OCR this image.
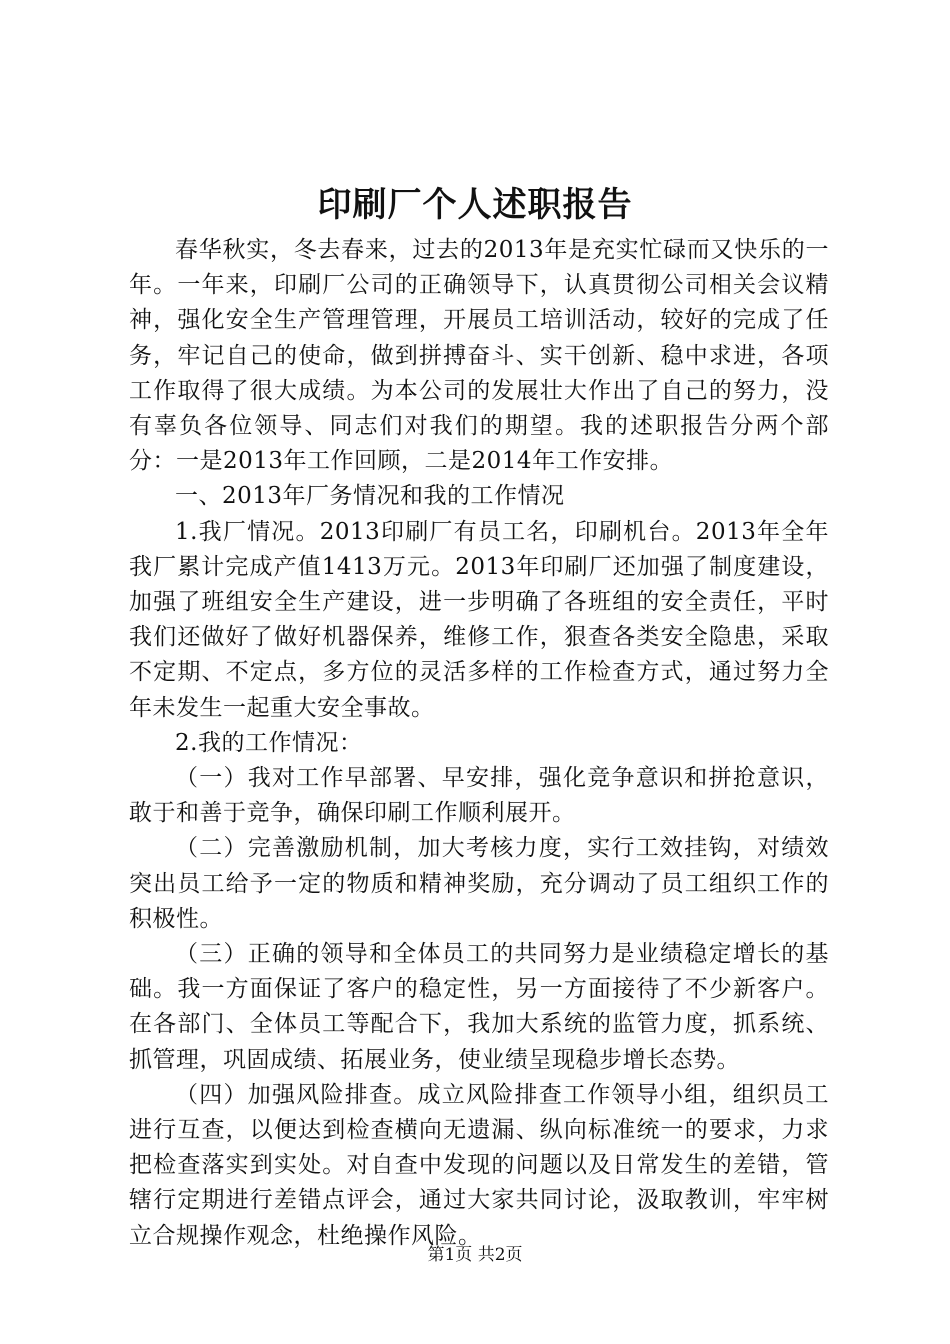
印刷厂个人述职报告

春华秋实，冬去春来，过去的2013年是充实忙碌而又快乐的一年。一年来，印刷厂公司的正确领导下，认真贯彻公司相关会议精神，强化安全生产管理管理，开展员工培训活动，较好的完成了任务，牢记自己的使命，做到拼搏奋斗、实干创新、稳中求进，各项工作取得了很大成绩。为本公司的发展壮大作出了自己的努力，没有辜负各位领导、同志们对我们的期望。我的述职报告分两个部分：一是2013年工作回顾，二是2014年工作安排。

一、2013年厂务情况和我的工作情况

1.我厂情况。2013印刷厂有员工名，印刷机台。2013年全年我厂累计完成产值1413万元。2013年印刷厂还加强了制度建设，加强了班组安全生产建设，进一步明确了各班组的安全责任，平时我们还做好了做好机器保养，维修工作，狠查各类安全隐患，采取不定期、不定点，多方位的灵活多样的工作检查方式，通过努力全年未发生一起重大安全事故。

2.我的工作情况：

（一）我对工作早部署、早安排，强化竞争意识和拼抢意识，敢于和善于竞争，确保印刷工作顺利展开。

（二）完善激励机制，加大考核力度，实行工效挂钩，对绩效突出员工给予一定的物质和精神奖励，充分调动了员工组织工作的积极性。

（三）正确的领导和全体员工的共同努力是业绩稳定增长的基础。我一方面保证了客户的稳定性，另一方面接待了不少新客户。在各部门、全体员工等配合下，我加大系统的监管力度，抓系统、抓管理，巩固成绩、拓展业务，使业绩呈现稳步增长态势。

（四）加强风险排查。成立风险排查工作领导小组，组织员工进行互查，以便达到检查横向无遗漏、纵向标准统一的要求，力求把检查落实到实处。对自查中发现的问题以及日常发生的差错，管辖行定期进行差错点评会，通过大家共同讨论，汲取教训，牢牢树立合规操作观念，杜绝操作风险。

第1页 共2页
